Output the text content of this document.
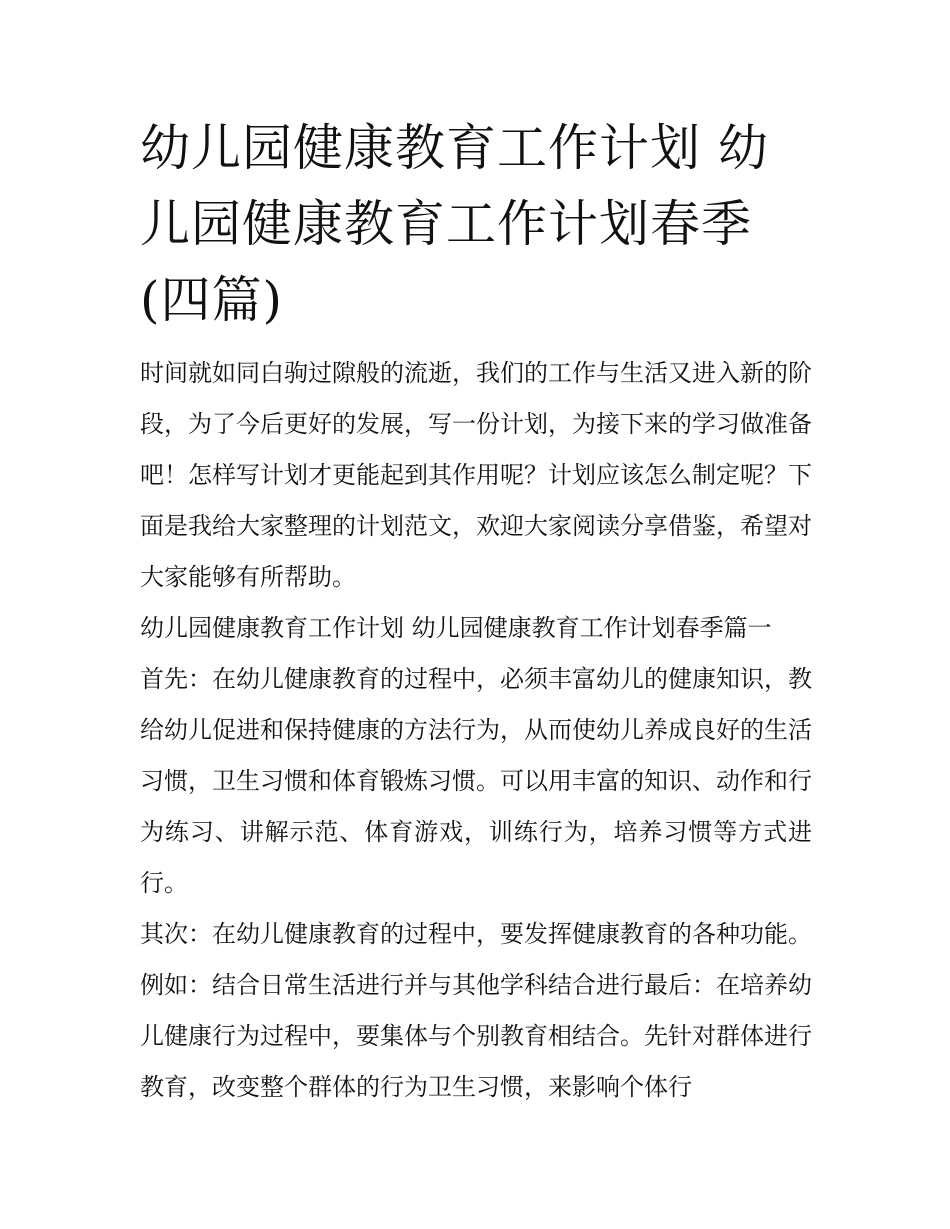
幼儿园健康教育工作计划 幼儿园健康教育工作计划春季(四篇)

时间就如同白驹过隙般的流逝，我们的工作与生活又进入新的阶段，为了今后更好的发展，写一份计划，为接下来的学习做准备吧！怎样写计划才更能起到其作用呢？计划应该怎么制定呢？下面是我给大家整理的计划范文，欢迎大家阅读分享借鉴，希望对大家能够有所帮助。

幼儿园健康教育工作计划 幼儿园健康教育工作计划春季篇一

首先：在幼儿健康教育的过程中，必须丰富幼儿的健康知识，教给幼儿促进和保持健康的方法行为，从而使幼儿养成良好的生活习惯，卫生习惯和体育锻炼习惯。可以用丰富的知识、动作和行为练习、讲解示范、体育游戏，训练行为，培养习惯等方式进行。

其次：在幼儿健康教育的过程中，要发挥健康教育的各种功能。例如：结合日常生活进行并与其他学科结合进行最后：在培养幼儿健康行为过程中，要集体与个别教育相结合。先针对群体进行教育，改变整个群体的行为卫生习惯，来影响个体行
